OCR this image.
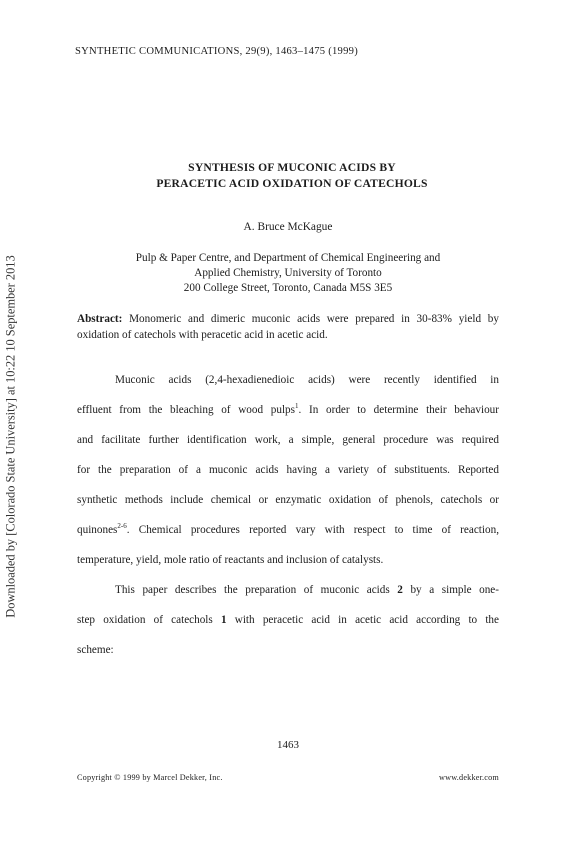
Downloaded by [Colorado State University] at 10:22 10 September 2013
SYNTHETIC COMMUNICATIONS, 29(9), 1463–1475 (1999)
SYNTHESIS OF MUCONIC ACIDS BY
PERACETIC ACID OXIDATION OF CATECHOLS
A. Bruce McKague
Pulp & Paper Centre, and Department of Chemical Engineering and
Applied Chemistry, University of Toronto
200 College Street, Toronto, Canada M5S 3E5
Abstract: Monomeric and dimeric muconic acids were prepared in 30-83% yield by oxidation of catechols with peracetic acid in acetic acid.
Muconic acids (2,4-hexadienedioic acids) were recently identified in
effluent from the bleaching of wood pulps$^1$. In order to determine their behaviour
and facilitate further identification work, a simple, general procedure was required
for the preparation of a muconic acids having a variety of substituents. Reported
synthetic methods include chemical or enzymatic oxidation of phenols, catechols or
quinones$^{2-6}$. Chemical procedures reported vary with respect to time of reaction,
temperature, yield, mole ratio of reactants and inclusion of catalysts.
This paper describes the preparation of muconic acids 2 by a simple one-
step oxidation of catechols 1 with peracetic acid in acetic acid according to the
scheme:
1463
Copyright © 1999 by Marcel Dekker, Inc.	www.dekker.com
